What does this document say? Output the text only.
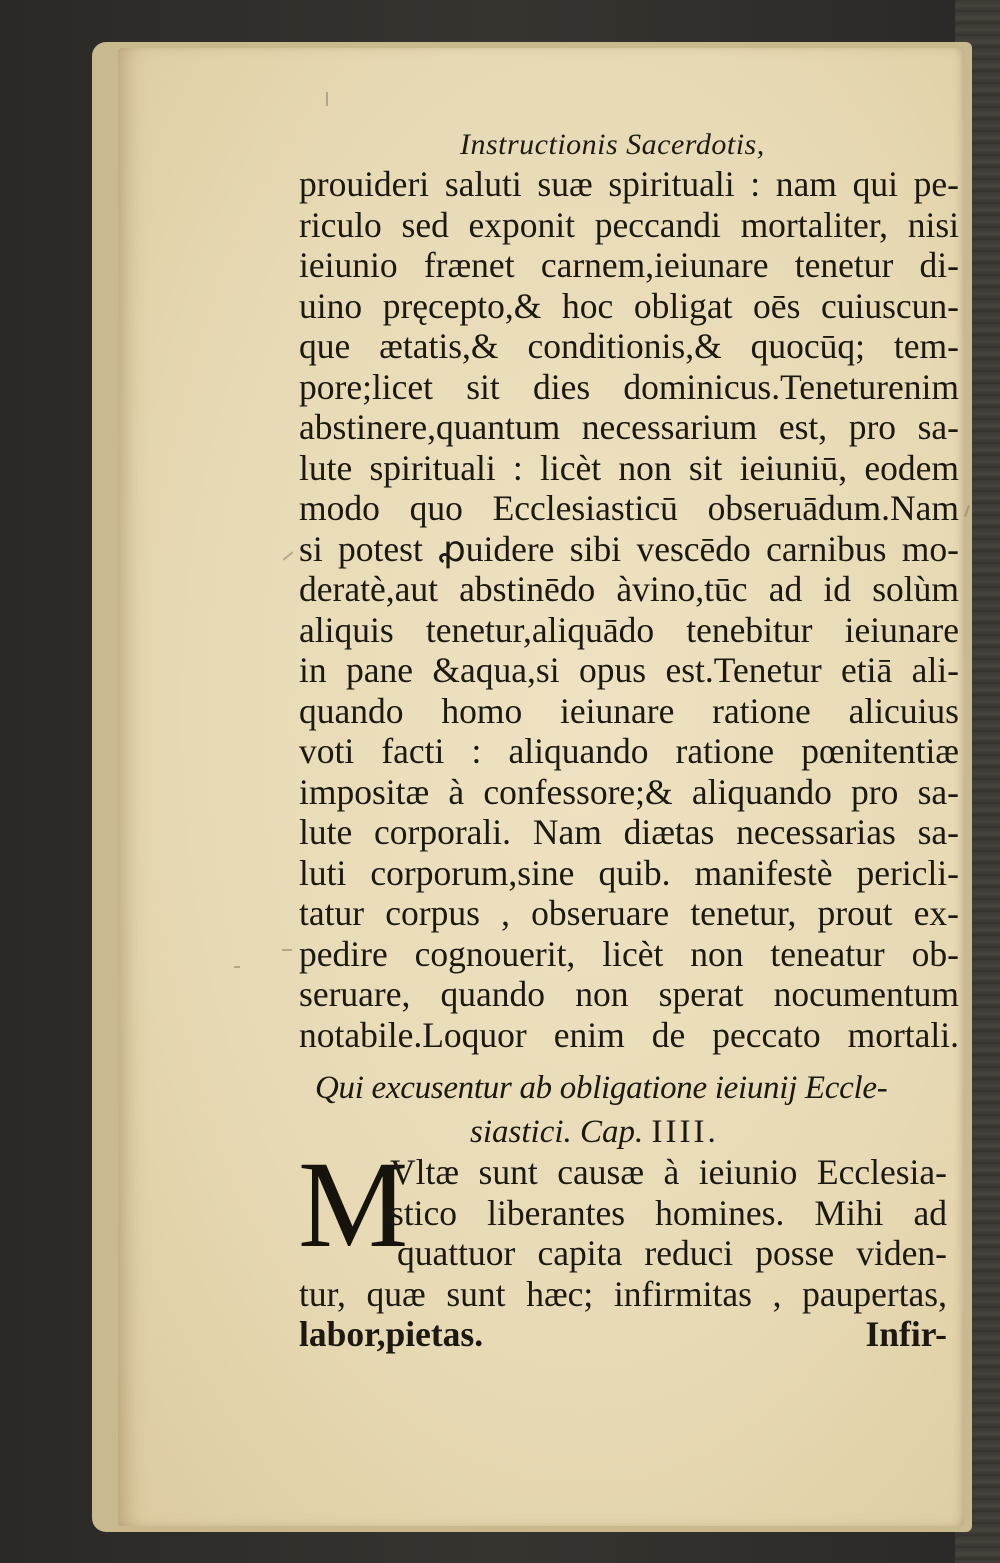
Instructionis Sacerdotis,
prouideri saluti suæ spirituali : nam qui pe-
riculo sed exponit peccandi mortaliter, nisi
ieiunio frænet carnem,ieiunare tenetur di-
uino pręcepto,& hoc obligat oēs cuiuscun-
que ætatis,& conditionis,& quocūq; tem-
pore;licet sit dies dominicus.Teneturenim
abstinere,quantum necessarium est, pro sa-
lute spirituali : licèt non sit ieiuniū, eodem
modo quo Ecclesiasticū obseruādum.Nam
si potest ꝓuidere sibi vescēdo carnibus mo-
deratè,aut abstinēdo àvino,tūc ad id solùm
aliquis tenetur,aliquādo tenebitur ieiunare
in pane &aqua,si opus est.Tenetur etiā ali-
quando homo ieiunare ratione alicuius
voti facti : aliquando ratione pœnitentiæ
impositæ à confessore;& aliquando pro sa-
lute corporali. Nam diætas necessarias sa-
luti corporum,sine quib. manifestè pericli-
tatur corpus , obseruare tenetur, prout ex-
pedire cognouerit, licèt non teneatur ob-
seruare, quando non sperat nocumentum
notabile.Loquor enim de peccato mortali.
Qui excusentur ab obligatione ieiunij Eccle-
siastici. Cap. IIII.
M
Vltæ sunt causæ à ieiunio Ecclesia-
stico liberantes homines. Mihi ad
quattuor capita reduci posse viden-
tur, quæ sunt hæc; infirmitas , paupertas,
labor,pietas.	Infir-
